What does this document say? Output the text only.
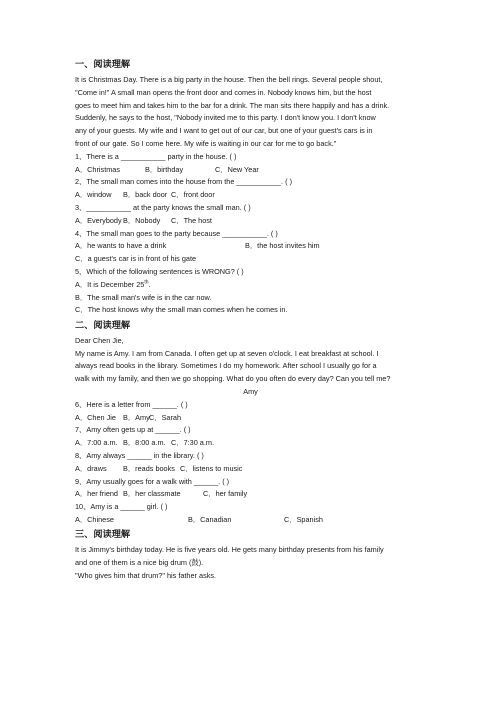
一、阅读理解
It is Christmas Day. There is a big party in the house. Then the bell rings. Several people shout,
"Come in!" A small man opens the front door and comes in. Nobody knows him, but the host
goes to meet him and takes him to the bar for a drink. The man sits there happily and has a drink.
Suddenly, he says to the host, "Nobody invited me to this party. I don't know you. I don't know
any of your guests. My wife and I want to get out of our car, but one of your guest's cars is in
front of our gate. So I come here. My wife is waiting in our car for me to go back."
1、There is a ___________ party in the house. ( )
A．Christmas	B．birthday	C．New Year
2、The small man comes into the house from the ___________. ( )
A．window	B．back door C．front door
3、___________ at the party knows the small man. ( )
A．Everybody B．Nobody	C．The host
4、The small man goes to the party because ___________. ( )
A．he wants to have a drink	B．the host invites him
C．a guest's car is in front of his gate
5、Which of the following sentences is WRONG? ( )
A．It is December 25th.
B．The small man's wife is in the car now.
C．The host knows why the small man comes when he comes in.
二、阅读理解
Dear Chen Jie,
My name is Amy. I am from Canada. I often get up at seven o'clock. I eat breakfast at school. I
always read books in the library. Sometimes I do my homework. After school I usually go for a
walk with my family, and then we go shopping. What do you often do every day? Can you tell me?
Amy
6、Here is a letter from ______. ( )
A．Chen Jie B．Amy C．Sarah
7、Amy often gets up at ______. ( )
A．7:00 a.m. B．8:00 a.m. C．7:30 a.m.
8、Amy always ______ in the library. ( )
A．draws	B．reads books C．listens to music
9、Amy usually goes for a walk with ______. ( )
A．her friend B．her classmate	C．her family
10、Amy is a ______ girl. ( )
A．Chinese	B．Canadian	C．Spanish
三、阅读理解
It is Jimmy's birthday today. He is five years old. He gets many birthday presents from his family
and one of them is a nice big drum (鼓).
"Who gives him that drum?" his father asks.
